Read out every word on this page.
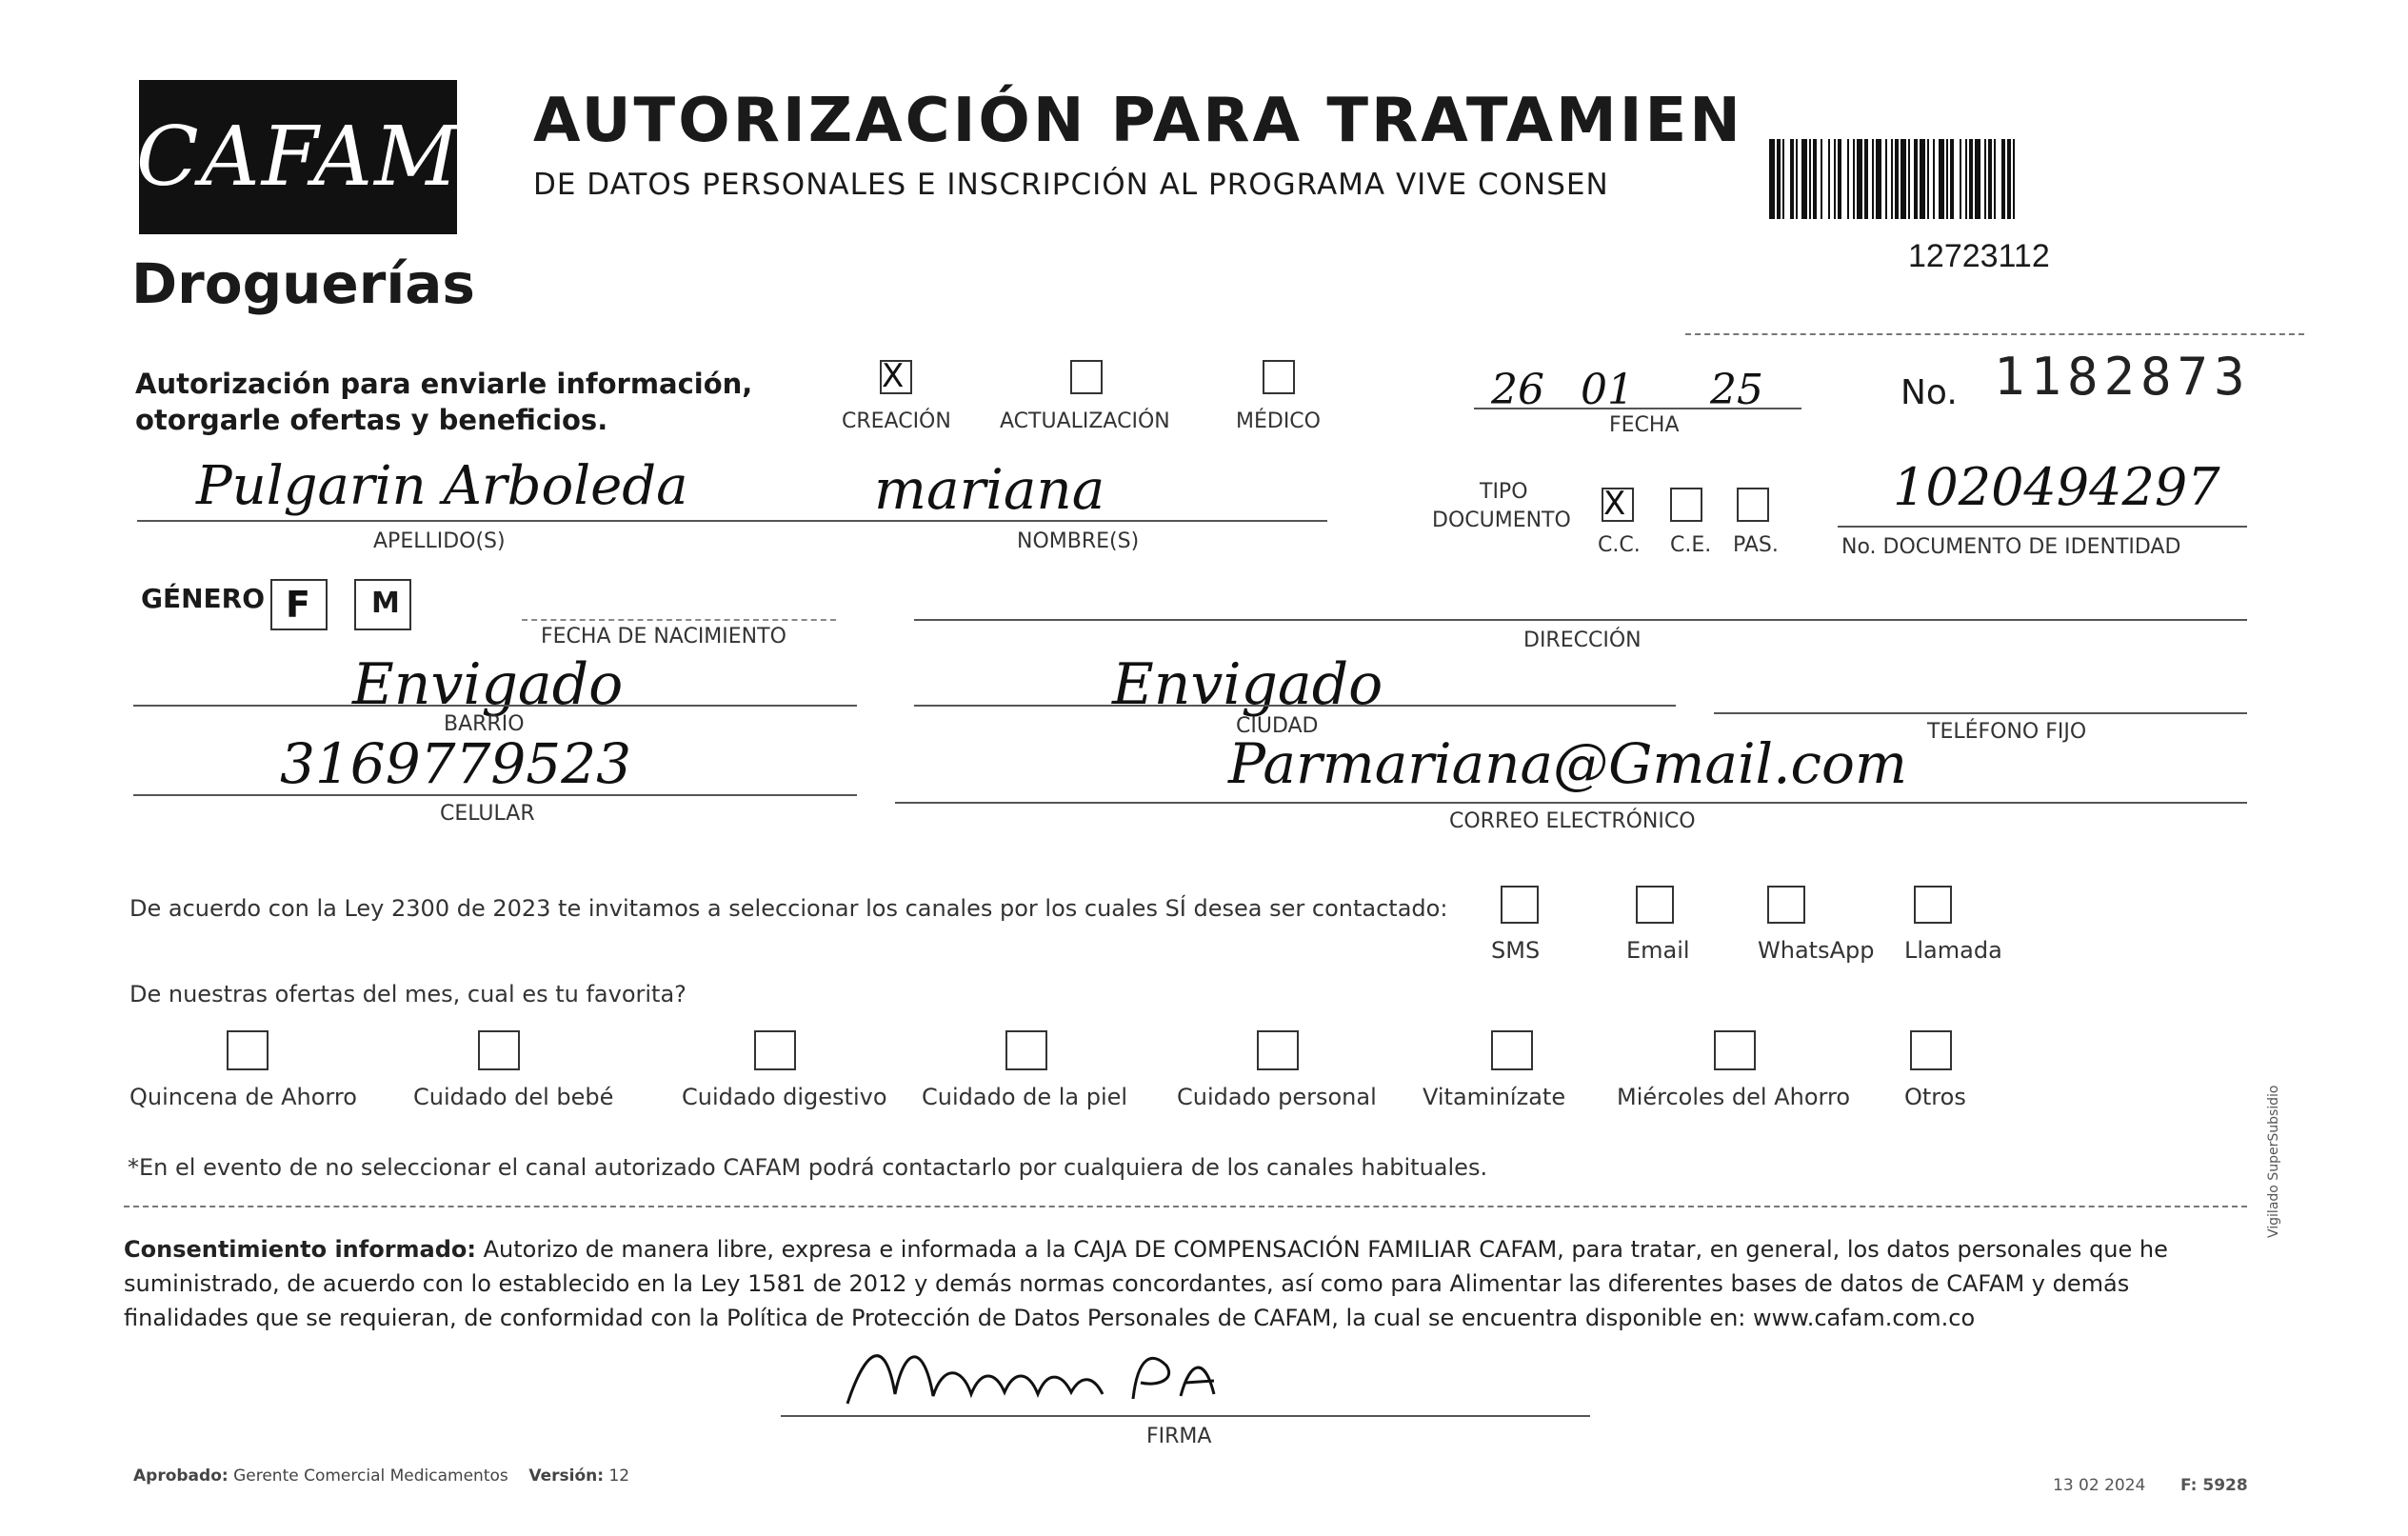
CAFAM
Droguerías
AUTORIZACIÓN PARA TRATAMIEN
DE DATOS PERSONALES E INSCRIPCIÓN AL PROGRAMA VIVE CONSEN
12723112
Autorización para enviarle información,
otorgarle ofertas y beneficios.
X
CREACIÓN ACTUALIZACIÓN	MÉDICO
26 01 25
FECHA
No. 1182873
Pulgarin Arboleda
APELLIDO(S)
mariana
NOMBRE(S)
TIPO
DOCUMENTO X
C.C. C.E. PAS.
1020494297
No. DOCUMENTO DE IDENTIDAD
GÉNERO F M
FECHA DE NACIMIENTO	DIRECCIÓN
Envigado
BARRIO
Envigado
CIUDAD	TELÉFONO FIJO
3169779523
CELULAR
Parmariana@Gmail.com
CORREO ELECTRÓNICO
De acuerdo con la Ley 2300 de 2023 te invitamos a seleccionar los canales por los cuales SÍ desea ser contactado:
SMS	Email	WhatsApp Llamada
De nuestras ofertas del mes, cual es tu favorita?
Quincena de Ahorro Cuidado del bebé	Cuidado digestivo Cuidado de la piel Cuidado personal Vitaminízate Miércoles del Ahorro Otros
*En el evento de no seleccionar el canal autorizado CAFAM podrá contactarlo por cualquiera de los canales habituales.
Consentimiento informado: Autorizo de manera libre, expresa e informada a la CAJA DE COMPENSACIÓN FAMILIAR CAFAM, para tratar, en general, los datos personales que he
suministrado, de acuerdo con lo establecido en la Ley 1581 de 2012 y demás normas concordantes, así como para Alimentar las diferentes bases de datos de CAFAM y demás
finalidades que se requieran, de conformidad con la Política de Protección de Datos Personales de CAFAM, la cual se encuentra disponible en: www.cafam.com.co
FIRMA
Aprobado: Gerente Comercial Medicamentos Versión: 12	13 02 2024 F: 5928
Vigilado SuperSubsidio
